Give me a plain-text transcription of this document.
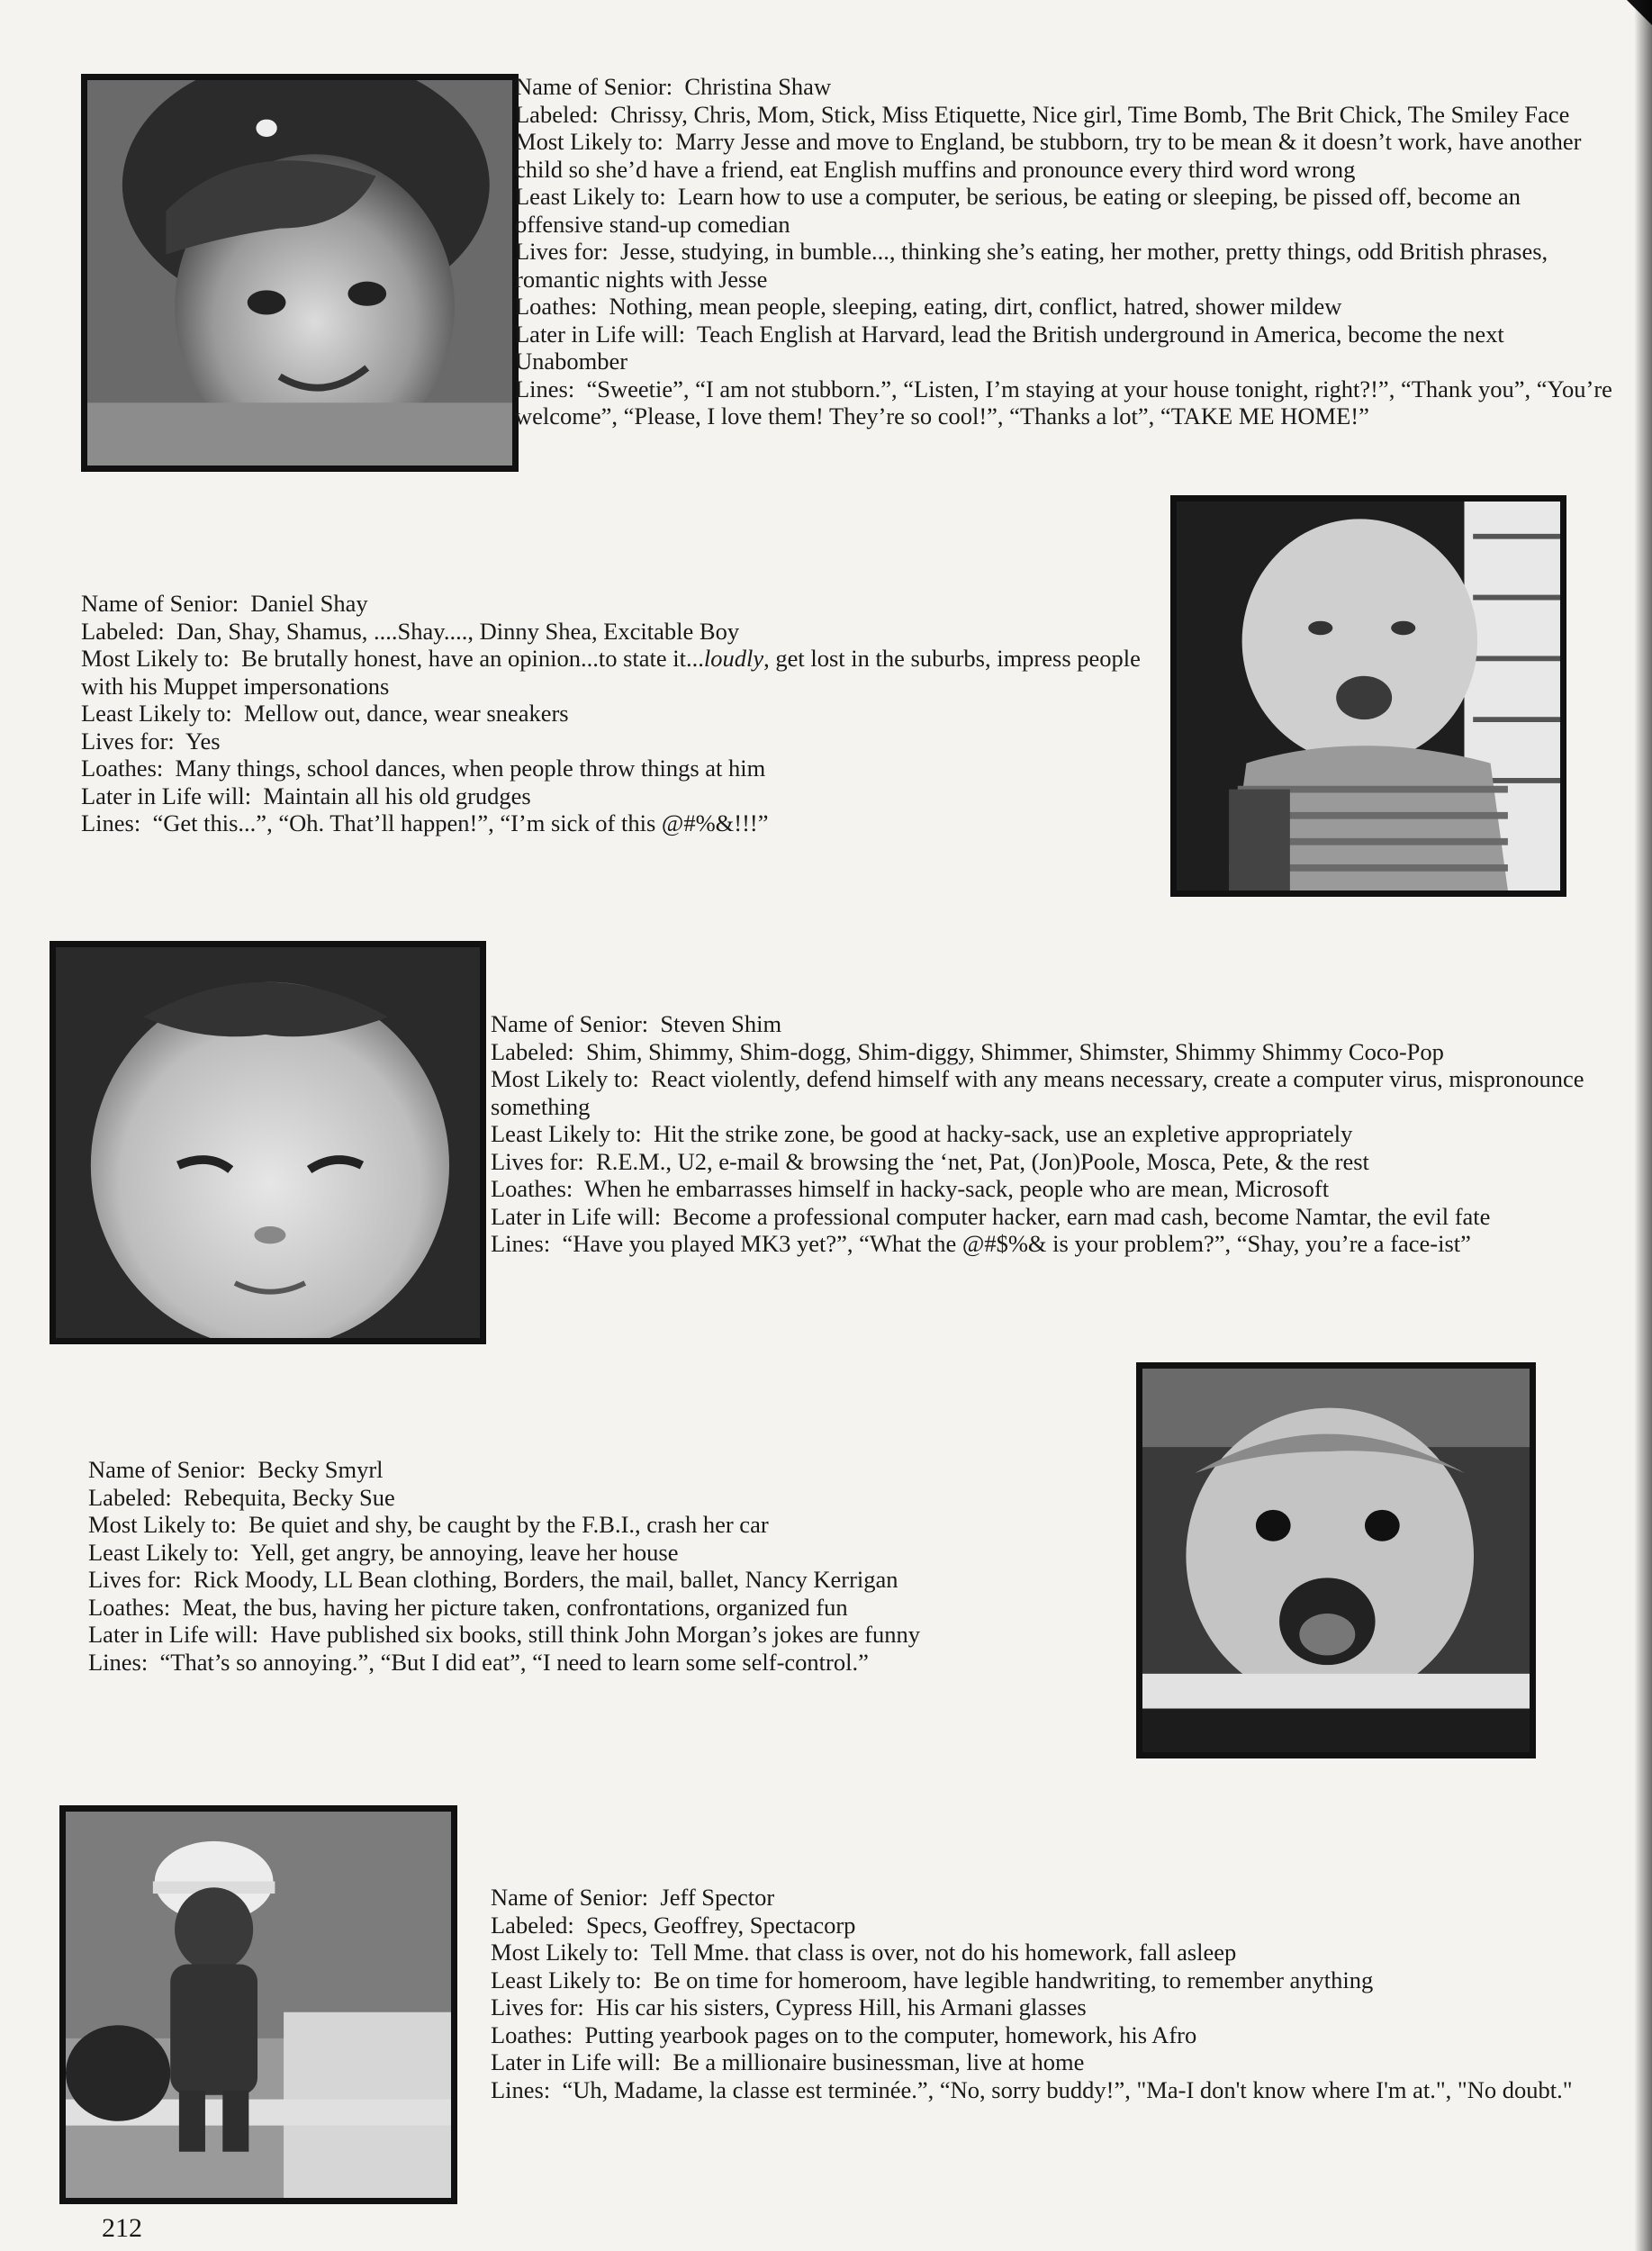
Name of Senior:  Christina Shaw
Labeled:  Chrissy, Chris, Mom, Stick, Miss Etiquette, Nice girl, Time Bomb, The Brit Chick, The Smiley Face
Most Likely to:  Marry Jesse and move to England, be stubborn, try to be mean & it doesn’t work, have another child so she’d have a friend, eat English muffins and pronounce every third word wrong
Least Likely to:  Learn how to use a computer, be serious, be eating or sleeping, be pissed off, become an offensive stand-up comedian
Lives for:  Jesse, studying, in bumble..., thinking she’s eating, her mother, pretty things, odd British phrases, romantic nights with Jesse
Loathes:  Nothing, mean people, sleeping, eating, dirt, conflict, hatred, shower mildew
Later in Life will:  Teach English at Harvard, lead the British underground in America, become the next Unabomber
Lines:  “Sweetie”, “I am not stubborn.”, “Listen, I’m staying at your house tonight, right?!”, “Thank you”, “You’re welcome”, “Please, I love them! They’re so cool!”, “Thanks a lot”, “TAKE ME HOME!”
Name of Senior:  Daniel Shay
Labeled:  Dan, Shay, Shamus, ....Shay...., Dinny Shea, Excitable Boy
Most Likely to:  Be brutally honest, have an opinion...to state it...loudly, get lost in the suburbs, impress people with his Muppet impersonations
Least Likely to:  Mellow out, dance, wear sneakers
Lives for:  Yes
Loathes:  Many things, school dances, when people throw things at him
Later in Life will:  Maintain all his old grudges
Lines:  “Get this...”, “Oh. That’ll happen!”, “I’m sick of this @#%&!!!”
Name of Senior:  Steven Shim
Labeled:  Shim, Shimmy, Shim-dogg, Shim-diggy, Shimmer, Shimster, Shimmy Shimmy Coco-Pop
Most Likely to:  React violently, defend himself with any means necessary, create a computer virus, mispronounce something
Least Likely to:  Hit the strike zone, be good at hacky-sack, use an expletive appropriately
Lives for:  R.E.M., U2, e-mail & browsing the ‘net, Pat, (Jon)Poole, Mosca, Pete, & the rest
Loathes:  When he embarrasses himself in hacky-sack, people who are mean, Microsoft
Later in Life will:  Become a professional computer hacker, earn mad cash, become Namtar, the evil fate
Lines:  “Have you played MK3 yet?”, “What the @#$%& is your problem?”, “Shay, you’re a face-ist”
Name of Senior:  Becky Smyrl
Labeled:  Rebequita, Becky Sue
Most Likely to:  Be quiet and shy, be caught by the F.B.I., crash her car
Least Likely to:  Yell, get angry, be annoying, leave her house
Lives for:  Rick Moody, LL Bean clothing, Borders, the mail, ballet, Nancy Kerrigan
Loathes:  Meat, the bus, having her picture taken, confrontations, organized fun
Later in Life will:  Have published six books, still think John Morgan’s jokes are funny
Lines:  “That’s so annoying.”, “But I did eat”, “I need to learn some self-control.”
Name of Senior:  Jeff Spector
Labeled:  Specs, Geoffrey, Spectacorp
Most Likely to:  Tell Mme. that class is over, not do his homework, fall asleep
Least Likely to:  Be on time for homeroom, have legible handwriting, to remember anything
Lives for:  His car his sisters, Cypress Hill, his Armani glasses
Loathes:  Putting yearbook pages on to the computer, homework, his Afro
Later in Life will:  Be a millionaire businessman, live at home
Lines:  “Uh, Madame, la classe est terminée.”, “No, sorry buddy!”, "Ma-I don't know where I'm at.", "No doubt."
212
